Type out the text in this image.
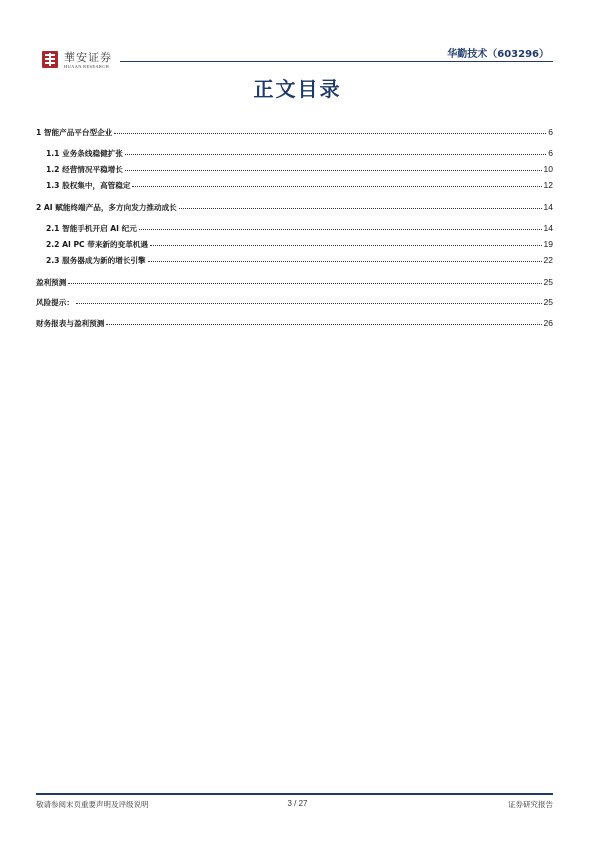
華安证券
HUAAN RESEARCH
华勤技术（603296）
正文目录
1 智能产品平台型企业	6
1.1 业务条线稳健扩张	6
1.2 经营情况平稳增长	10
1.3 股权集中，高管稳定	12
2 AI 赋能终端产品，多方向发力推动成长	14
2.1 智能手机开启 AI 纪元	14
2.2 AI PC 带来新的变革机遇	19
2.3 服务器成为新的增长引擎	22
盈利预测	25
风险提示：	25
财务报表与盈利预测	26
敬请参阅末页重要声明及评级说明	3 / 27	证券研究报告
